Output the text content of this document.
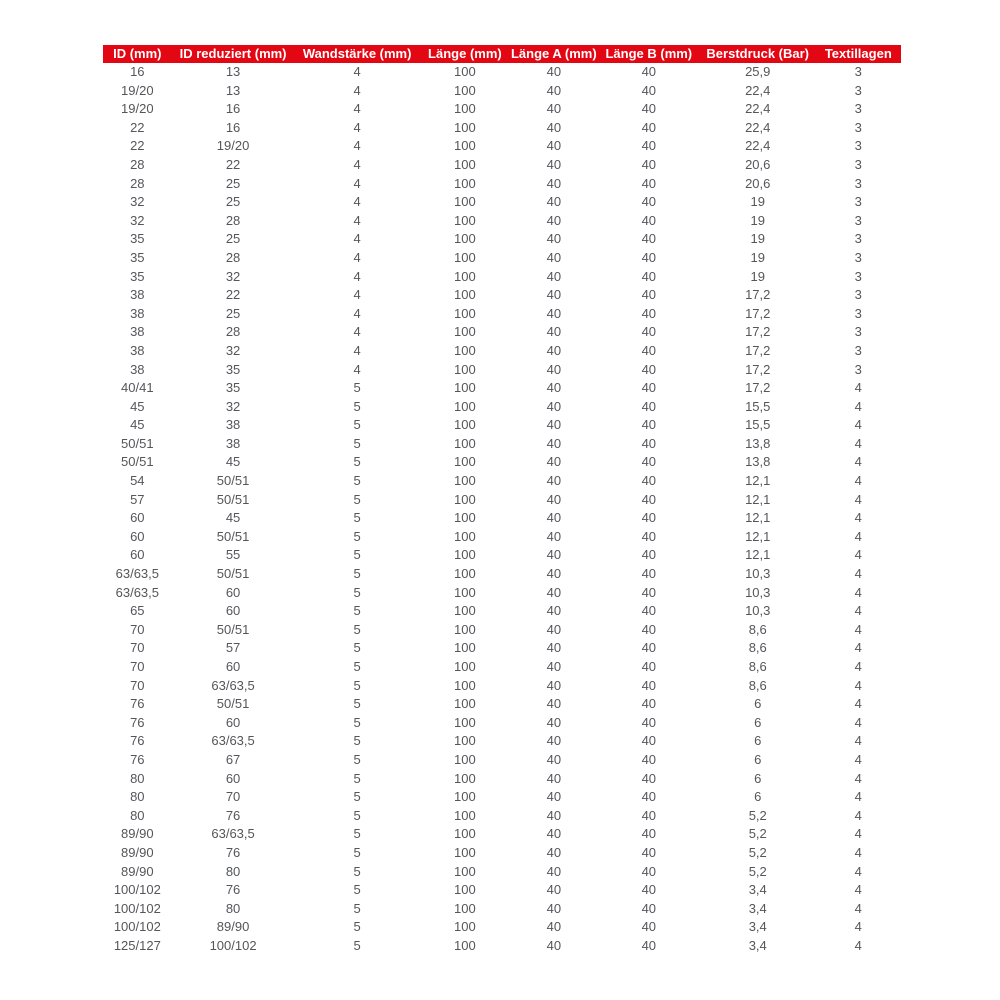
ID (mm)	ID reduziert (mm)	Wandstärke (mm)	Länge (mm)	Länge A (mm)	Länge B (mm)	Berstdruck (Bar)	Textillagen
16	13	4	100	40	40	25,9	3
19/20	13	4	100	40	40	22,4	3
19/20	16	4	100	40	40	22,4	3
22	16	4	100	40	40	22,4	3
22	19/20	4	100	40	40	22,4	3
28	22	4	100	40	40	20,6	3
28	25	4	100	40	40	20,6	3
32	25	4	100	40	40	19	3
32	28	4	100	40	40	19	3
35	25	4	100	40	40	19	3
35	28	4	100	40	40	19	3
35	32	4	100	40	40	19	3
38	22	4	100	40	40	17,2	3
38	25	4	100	40	40	17,2	3
38	28	4	100	40	40	17,2	3
38	32	4	100	40	40	17,2	3
38	35	4	100	40	40	17,2	3
40/41	35	5	100	40	40	17,2	4
45	32	5	100	40	40	15,5	4
45	38	5	100	40	40	15,5	4
50/51	38	5	100	40	40	13,8	4
50/51	45	5	100	40	40	13,8	4
54	50/51	5	100	40	40	12,1	4
57	50/51	5	100	40	40	12,1	4
60	45	5	100	40	40	12,1	4
60	50/51	5	100	40	40	12,1	4
60	55	5	100	40	40	12,1	4
63/63,5	50/51	5	100	40	40	10,3	4
63/63,5	60	5	100	40	40	10,3	4
65	60	5	100	40	40	10,3	4
70	50/51	5	100	40	40	8,6	4
70	57	5	100	40	40	8,6	4
70	60	5	100	40	40	8,6	4
70	63/63,5	5	100	40	40	8,6	4
76	50/51	5	100	40	40	6	4
76	60	5	100	40	40	6	4
76	63/63,5	5	100	40	40	6	4
76	67	5	100	40	40	6	4
80	60	5	100	40	40	6	4
80	70	5	100	40	40	6	4
80	76	5	100	40	40	5,2	4
89/90	63/63,5	5	100	40	40	5,2	4
89/90	76	5	100	40	40	5,2	4
89/90	80	5	100	40	40	5,2	4
100/102	76	5	100	40	40	3,4	4
100/102	80	5	100	40	40	3,4	4
100/102	89/90	5	100	40	40	3,4	4
125/127	100/102	5	100	40	40	3,4	4
